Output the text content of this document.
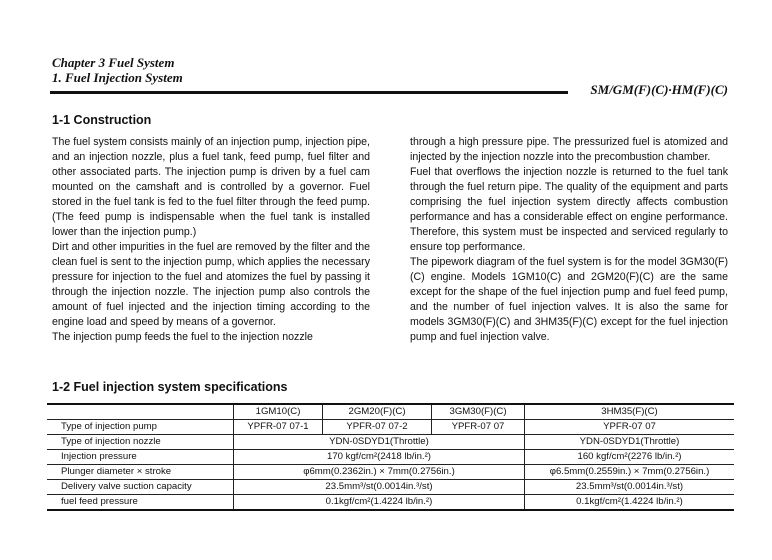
Chapter 3 Fuel System
1. Fuel Injection System
SM/GM(F)(C)·HM(F)(C)
1-1 Construction

The fuel system consists mainly of an injection pump, injection pipe, and an injection nozzle, plus a fuel tank, feed pump, fuel filter and other associated parts. The injection pump is driven by a fuel cam mounted on the camshaft and is controlled by a governor. Fuel stored in the fuel tank is fed to the fuel filter through the feed pump. (The feed pump is indispensable when the fuel tank is installed lower than the injection pump.)

Dirt and other impurities in the fuel are removed by the filter and the clean fuel is sent to the injection pump, which applies the necessary pressure for injection to the fuel and atomizes the fuel by passing it through the injection nozzle. The injection pump also controls the amount of fuel injected and the injection timing according to the engine load and speed by means of a governor.

The injection pump feeds the fuel to the injection nozzle

through a high pressure pipe. The pressurized fuel is atomized and injected by the injection nozzle into the precombustion chamber.

Fuel that overflows the injection nozzle is returned to the fuel tank through the fuel return pipe. The quality of the equipment and parts comprising the fuel injection system directly affects combustion performance and has a considerable effect on engine performance. Therefore, this system must be inspected and serviced regularly to ensure top performance.

The pipework diagram of the fuel system is for the model 3GM30(F)(C) engine. Models 1GM10(C) and 2GM20(F)(C) are the same except for the shape of the fuel injection pump and fuel feed pump, and the number of fuel injection valves. It is also the same for models 3GM30(F)(C) and 3HM35(F)(C) except for the fuel injection pump and fuel injection valve.

1-2 Fuel injection system specifications
	1GM10(C)	2GM20(F)(C)	3GM30(F)(C)	3HM35(F)(C)
Type of injection pump	YPFR-07 07-1	YPFR-07 07-2	YPFR-07 07	YPFR-07 07
Type of injection nozzle	YDN-0SDYD1(Throttle)			YDN-0SDYD1(Throttle)
Injection pressure	170 kgf/cm²(2418 lb/in.²)			160 kgf/cm²(2276 lb/in.²)
Plunger diameter × stroke	φ6mm(0.2362in.) × 7mm(0.2756in.)			φ6.5mm(0.2559in.) × 7mm(0.2756in.)
Delivery valve suction capacity	23.5mm³/st(0.0014in.³/st)			23.5mm³/st(0.0014in.³/st)
fuel feed pressure	0.1kgf/cm²(1.4224 lb/in.²)			0.1kgf/cm²(1.4224 lb/in.²)
